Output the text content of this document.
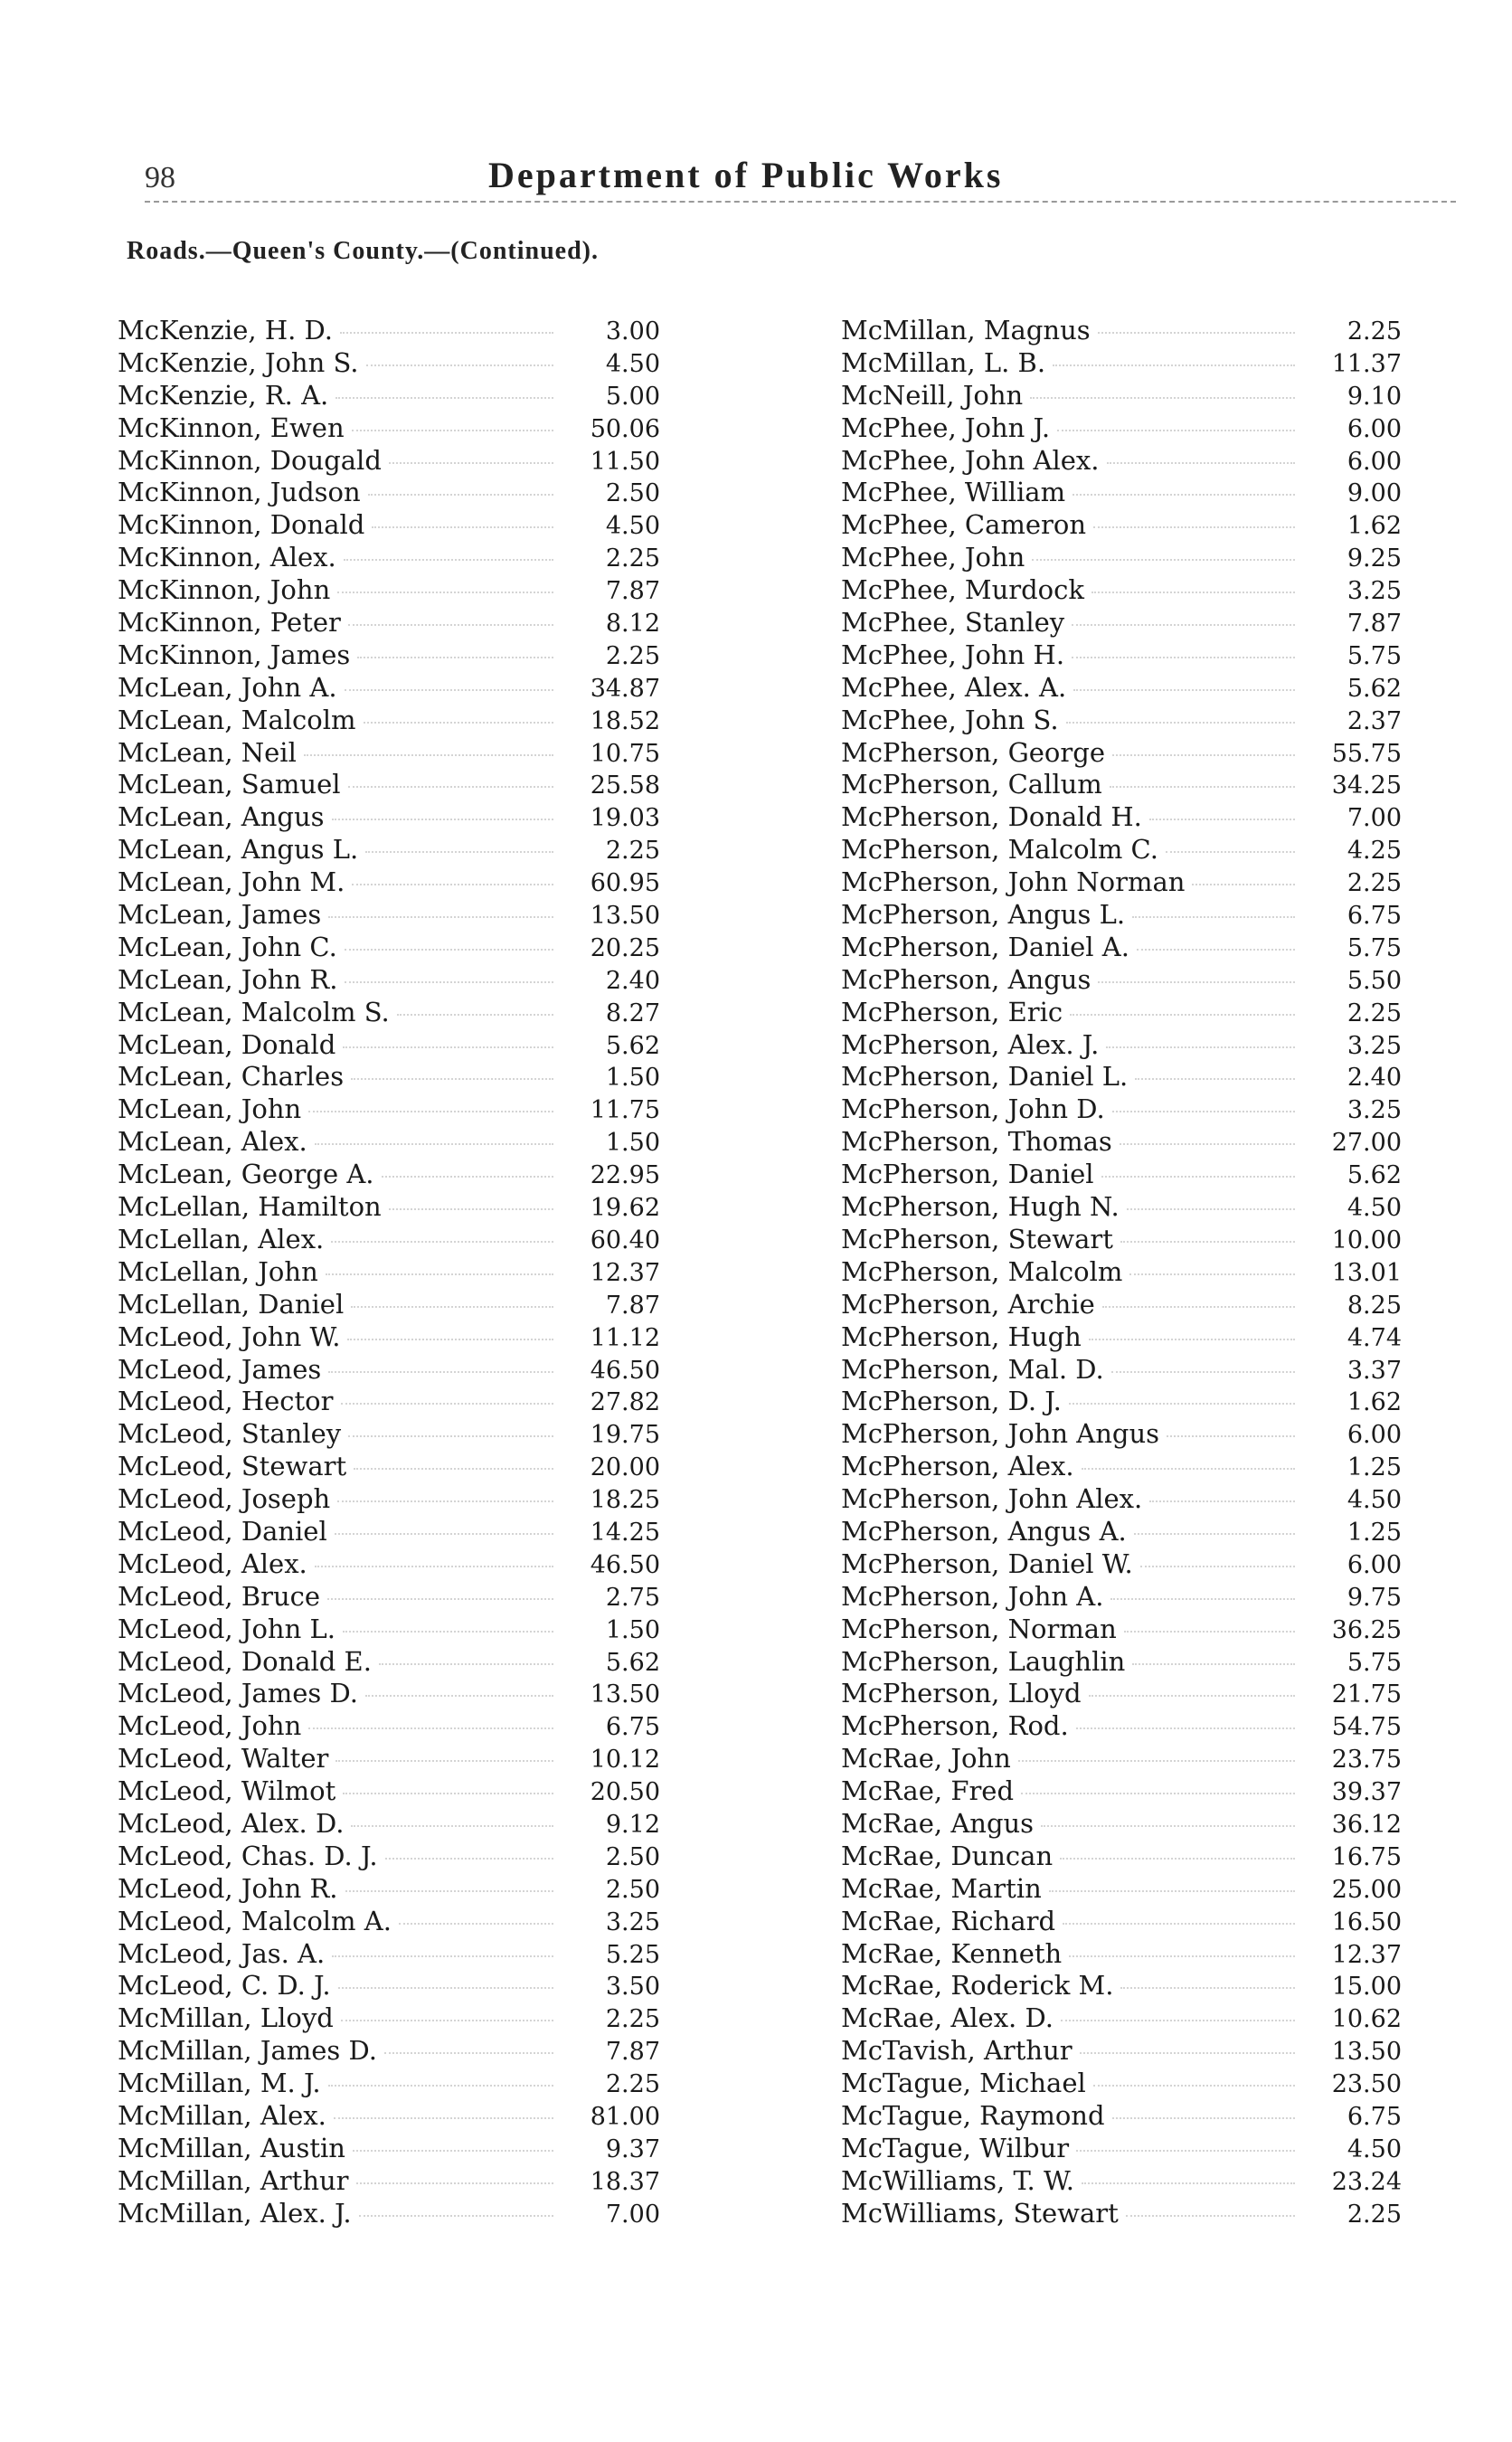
98	Department of Public Works
Roads.—Queen's County.—(Continued).
McKenzie, H. D.	3.00
McKenzie, John S.	4.50
McKenzie, R. A.	5.00
McKinnon, Ewen	50.06
McKinnon, Dougald	11.50
McKinnon, Judson	2.50
McKinnon, Donald	4.50
McKinnon, Alex.	2.25
McKinnon, John	7.87
McKinnon, Peter	8.12
McKinnon, James	2.25
McLean, John A.	34.87
McLean, Malcolm	18.52
McLean, Neil	10.75
McLean, Samuel	25.58
McLean, Angus	19.03
McLean, Angus L.	2.25
McLean, John M.	60.95
McLean, James	13.50
McLean, John C.	20.25
McLean, John R.	2.40
McLean, Malcolm S.	8.27
McLean, Donald	5.62
McLean, Charles	1.50
McLean, John	11.75
McLean, Alex.	1.50
McLean, George A.	22.95
McLellan, Hamilton	19.62
McLellan, Alex.	60.40
McLellan, John	12.37
McLellan, Daniel	7.87
McLeod, John W.	11.12
McLeod, James	46.50
McLeod, Hector	27.82
McLeod, Stanley	19.75
McLeod, Stewart	20.00
McLeod, Joseph	18.25
McLeod, Daniel	14.25
McLeod, Alex.	46.50
McLeod, Bruce	2.75
McLeod, John L.	1.50
McLeod, Donald E.	5.62
McLeod, James D.	13.50
McLeod, John	6.75
McLeod, Walter	10.12
McLeod, Wilmot	20.50
McLeod, Alex. D.	9.12
McLeod, Chas. D. J.	2.50
McLeod, John R.	2.50
McLeod, Malcolm A.	3.25
McLeod, Jas. A.	5.25
McLeod, C. D. J.	3.50
McMillan, Lloyd	2.25
McMillan, James D.	7.87
McMillan, M. J.	2.25
McMillan, Alex.	81.00
McMillan, Austin	9.37
McMillan, Arthur	18.37
McMillan, Alex. J.	7.00
McMillan, Magnus	2.25
McMillan, L. B.	11.37
McNeill, John	9.10
McPhee, John J.	6.00
McPhee, John Alex.	6.00
McPhee, William	9.00
McPhee, Cameron	1.62
McPhee, John	9.25
McPhee, Murdock	3.25
McPhee, Stanley	7.87
McPhee, John H.	5.75
McPhee, Alex. A.	5.62
McPhee, John S.	2.37
McPherson, George	55.75
McPherson, Callum	34.25
McPherson, Donald H.	7.00
McPherson, Malcolm C.	4.25
McPherson, John Norman	2.25
McPherson, Angus L.	6.75
McPherson, Daniel A.	5.75
McPherson, Angus	5.50
McPherson, Eric	2.25
McPherson, Alex. J.	3.25
McPherson, Daniel L.	2.40
McPherson, John D.	3.25
McPherson, Thomas	27.00
McPherson, Daniel	5.62
McPherson, Hugh N.	4.50
McPherson, Stewart	10.00
McPherson, Malcolm	13.01
McPherson, Archie	8.25
McPherson, Hugh	4.74
McPherson, Mal. D.	3.37
McPherson, D. J.	1.62
McPherson, John Angus	6.00
McPherson, Alex.	1.25
McPherson, John Alex.	4.50
McPherson, Angus A.	1.25
McPherson, Daniel W.	6.00
McPherson, John A.	9.75
McPherson, Norman	36.25
McPherson, Laughlin	5.75
McPherson, Lloyd	21.75
McPherson, Rod.	54.75
McRae, John	23.75
McRae, Fred	39.37
McRae, Angus	36.12
McRae, Duncan	16.75
McRae, Martin	25.00
McRae, Richard	16.50
McRae, Kenneth	12.37
McRae, Roderick M.	15.00
McRae, Alex. D.	10.62
McTavish, Arthur	13.50
McTague, Michael	23.50
McTague, Raymond	6.75
McTague, Wilbur	4.50
McWilliams, T. W.	23.24
McWilliams, Stewart	2.25
